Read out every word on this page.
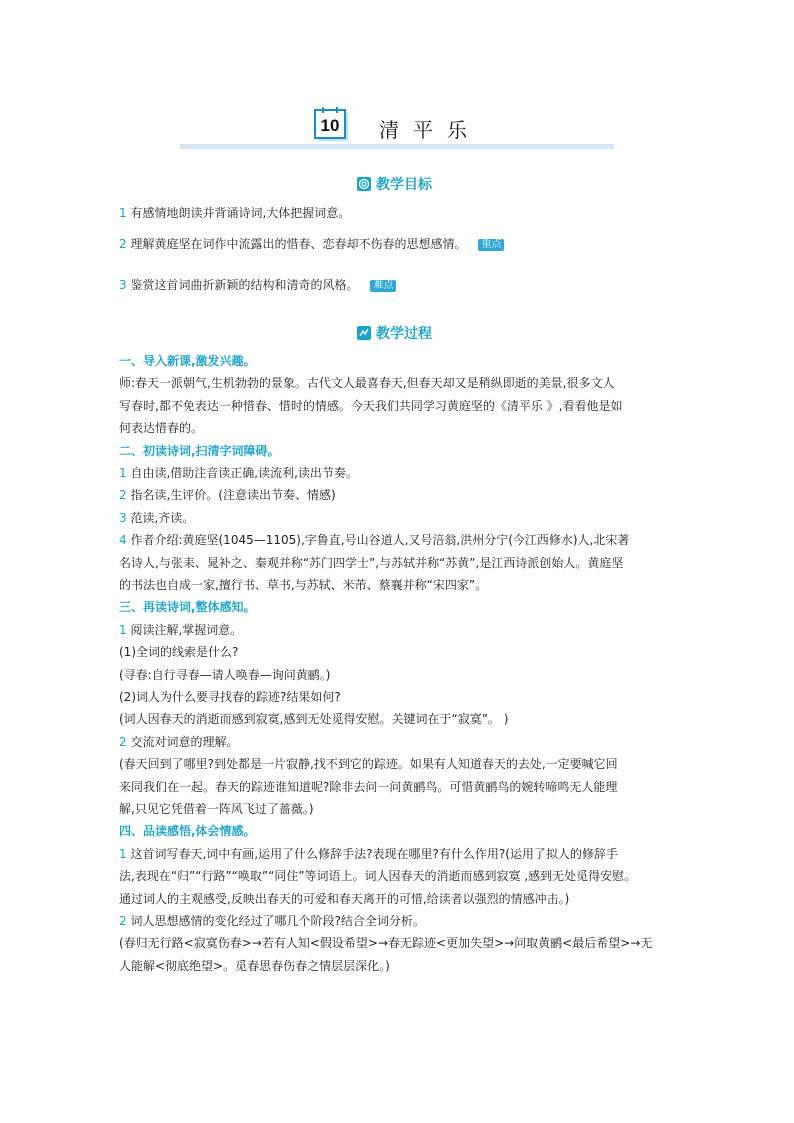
10 清平乐
教学目标
1 有感情地朗读并背诵诗词,大体把握词意。
2 理解黄庭坚在词作中流露出的惜春、恋春却不伤春的思想感情。 重点
3 鉴赏这首词曲折新颖的结构和清奇的风格。 难点
教学过程
一、导入新课,激发兴趣。
师:春天一派朝气,生机勃勃的景象。古代文人最喜春天,但春天却又是稍纵即逝的美景,很多文人
写春时,都不免表达一种惜春、惜时的情感。今天我们共同学习黄庭坚的《清平乐 》,看看他是如
何表达惜春的。
二、初读诗词,扫清字词障碍。
1 自由读,借助注音读正确,读流利,读出节奏。
2 指名读,生评价。(注意读出节奏、情感)
3 范读,齐读。
4 作者介绍:黄庭坚(1045—1105),字鲁直,号山谷道人,又号涪翁,洪州分宁(今江西修水)人,北宋著
名诗人,与张耒、晁补之、秦观并称“苏门四学士”,与苏轼并称“苏黄”,是江西诗派创始人。黄庭坚
的书法也自成一家,擅行书、草书,与苏轼、米芾、蔡襄并称“宋四家”。
三、再读诗词,整体感知。
1 阅读注解,掌握词意。
(1)全词的线索是什么?
(寻春:自行寻春—请人唤春—询问黄鹂。)
(2)词人为什么要寻找春的踪迹?结果如何?
(词人因春天的消逝而感到寂寞,感到无处觅得安慰。关键词在于“寂寞”。 )
2 交流对词意的理解。
(春天回到了哪里?到处都是一片寂静,找不到它的踪迹。如果有人知道春天的去处,一定要喊它回
来同我们在一起。春天的踪迹谁知道呢?除非去问一问黄鹂鸟。可惜黄鹂鸟的婉转啼鸣无人能理
解,只见它凭借着一阵风飞过了蔷薇。)
四、品读感悟,体会情感。
1 这首词写春天,词中有画,运用了什么修辞手法?表现在哪里?有什么作用?(运用了拟人的修辞手
法,表现在“归”“行路”“唤取”“同住”等词语上。词人因春天的消逝而感到寂寞 ,感到无处觅得安慰。
通过词人的主观感受,反映出春天的可爱和春天离开的可惜,给读者以强烈的情感冲击。)
2 词人思想感情的变化经过了哪几个阶段?结合全词分析。
(春归无行路<寂寞伤春>→若有人知<假设希望>→春无踪迹<更加失望>→问取黄鹂<最后希望>→无
人能解<彻底绝望>。觅春思春伤春之情层层深化。)
